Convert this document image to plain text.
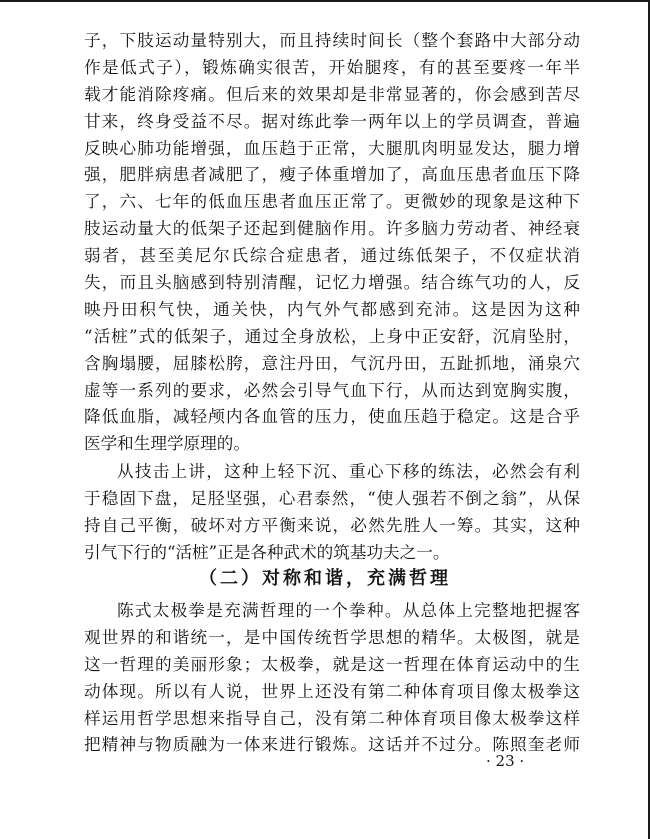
子，下肢运动量特别大，而且持续时间长（整个套路中大部分动
作是低式子），锻炼确实很苦，开始腿疼，有的甚至要疼一年半
载才能消除疼痛。但后来的效果却是非常显著的，你会感到苦尽
甘来，终身受益不尽。据对练此拳一两年以上的学员调查，普遍
反映心肺功能增强，血压趋于正常，大腿肌肉明显发达，腿力增
强，肥胖病患者减肥了，瘦子体重增加了，高血压患者血压下降
了，六、七年的低血压患者血压正常了。更微妙的现象是这种下
肢运动量大的低架子还起到健脑作用。许多脑力劳动者、神经衰
弱者，甚至美尼尔氏综合症患者，通过练低架子，不仅症状消
失，而且头脑感到特别清醒，记忆力增强。结合练气功的人，反
映丹田积气快，通关快，内气外气都感到充沛。这是因为这种
“活桩”式的低架子，通过全身放松，上身中正安舒，沉肩坠肘，
含胸塌腰，屈膝松胯，意注丹田，气沉丹田，五趾抓地，涌泉穴
虚等一系列的要求，必然会引导气血下行，从而达到宽胸实腹，
降低血脂，减轻颅内各血管的压力，使血压趋于稳定。这是合乎
医学和生理学原理的。
从技击上讲，这种上轻下沉、重心下移的练法，必然会有利
于稳固下盘，足胫坚强，心君泰然，“使人强若不倒之翁”，从保
持自己平衡，破坏对方平衡来说，必然先胜人一筹。其实，这种
引气下行的“活桩”正是各种武术的筑基功夫之一。
（二）对称和谐，充满哲理
陈式太极拳是充满哲理的一个拳种。从总体上完整地把握客
观世界的和谐统一，是中国传统哲学思想的精华。太极图，就是
这一哲理的美丽形象；太极拳，就是这一哲理在体育运动中的生
动体现。所以有人说，世界上还没有第二种体育项目像太极拳这
样运用哲学思想来指导自己，没有第二种体育项目像太极拳这样
把精神与物质融为一体来进行锻炼。这话并不过分。陈照奎老师
· 23 ·
